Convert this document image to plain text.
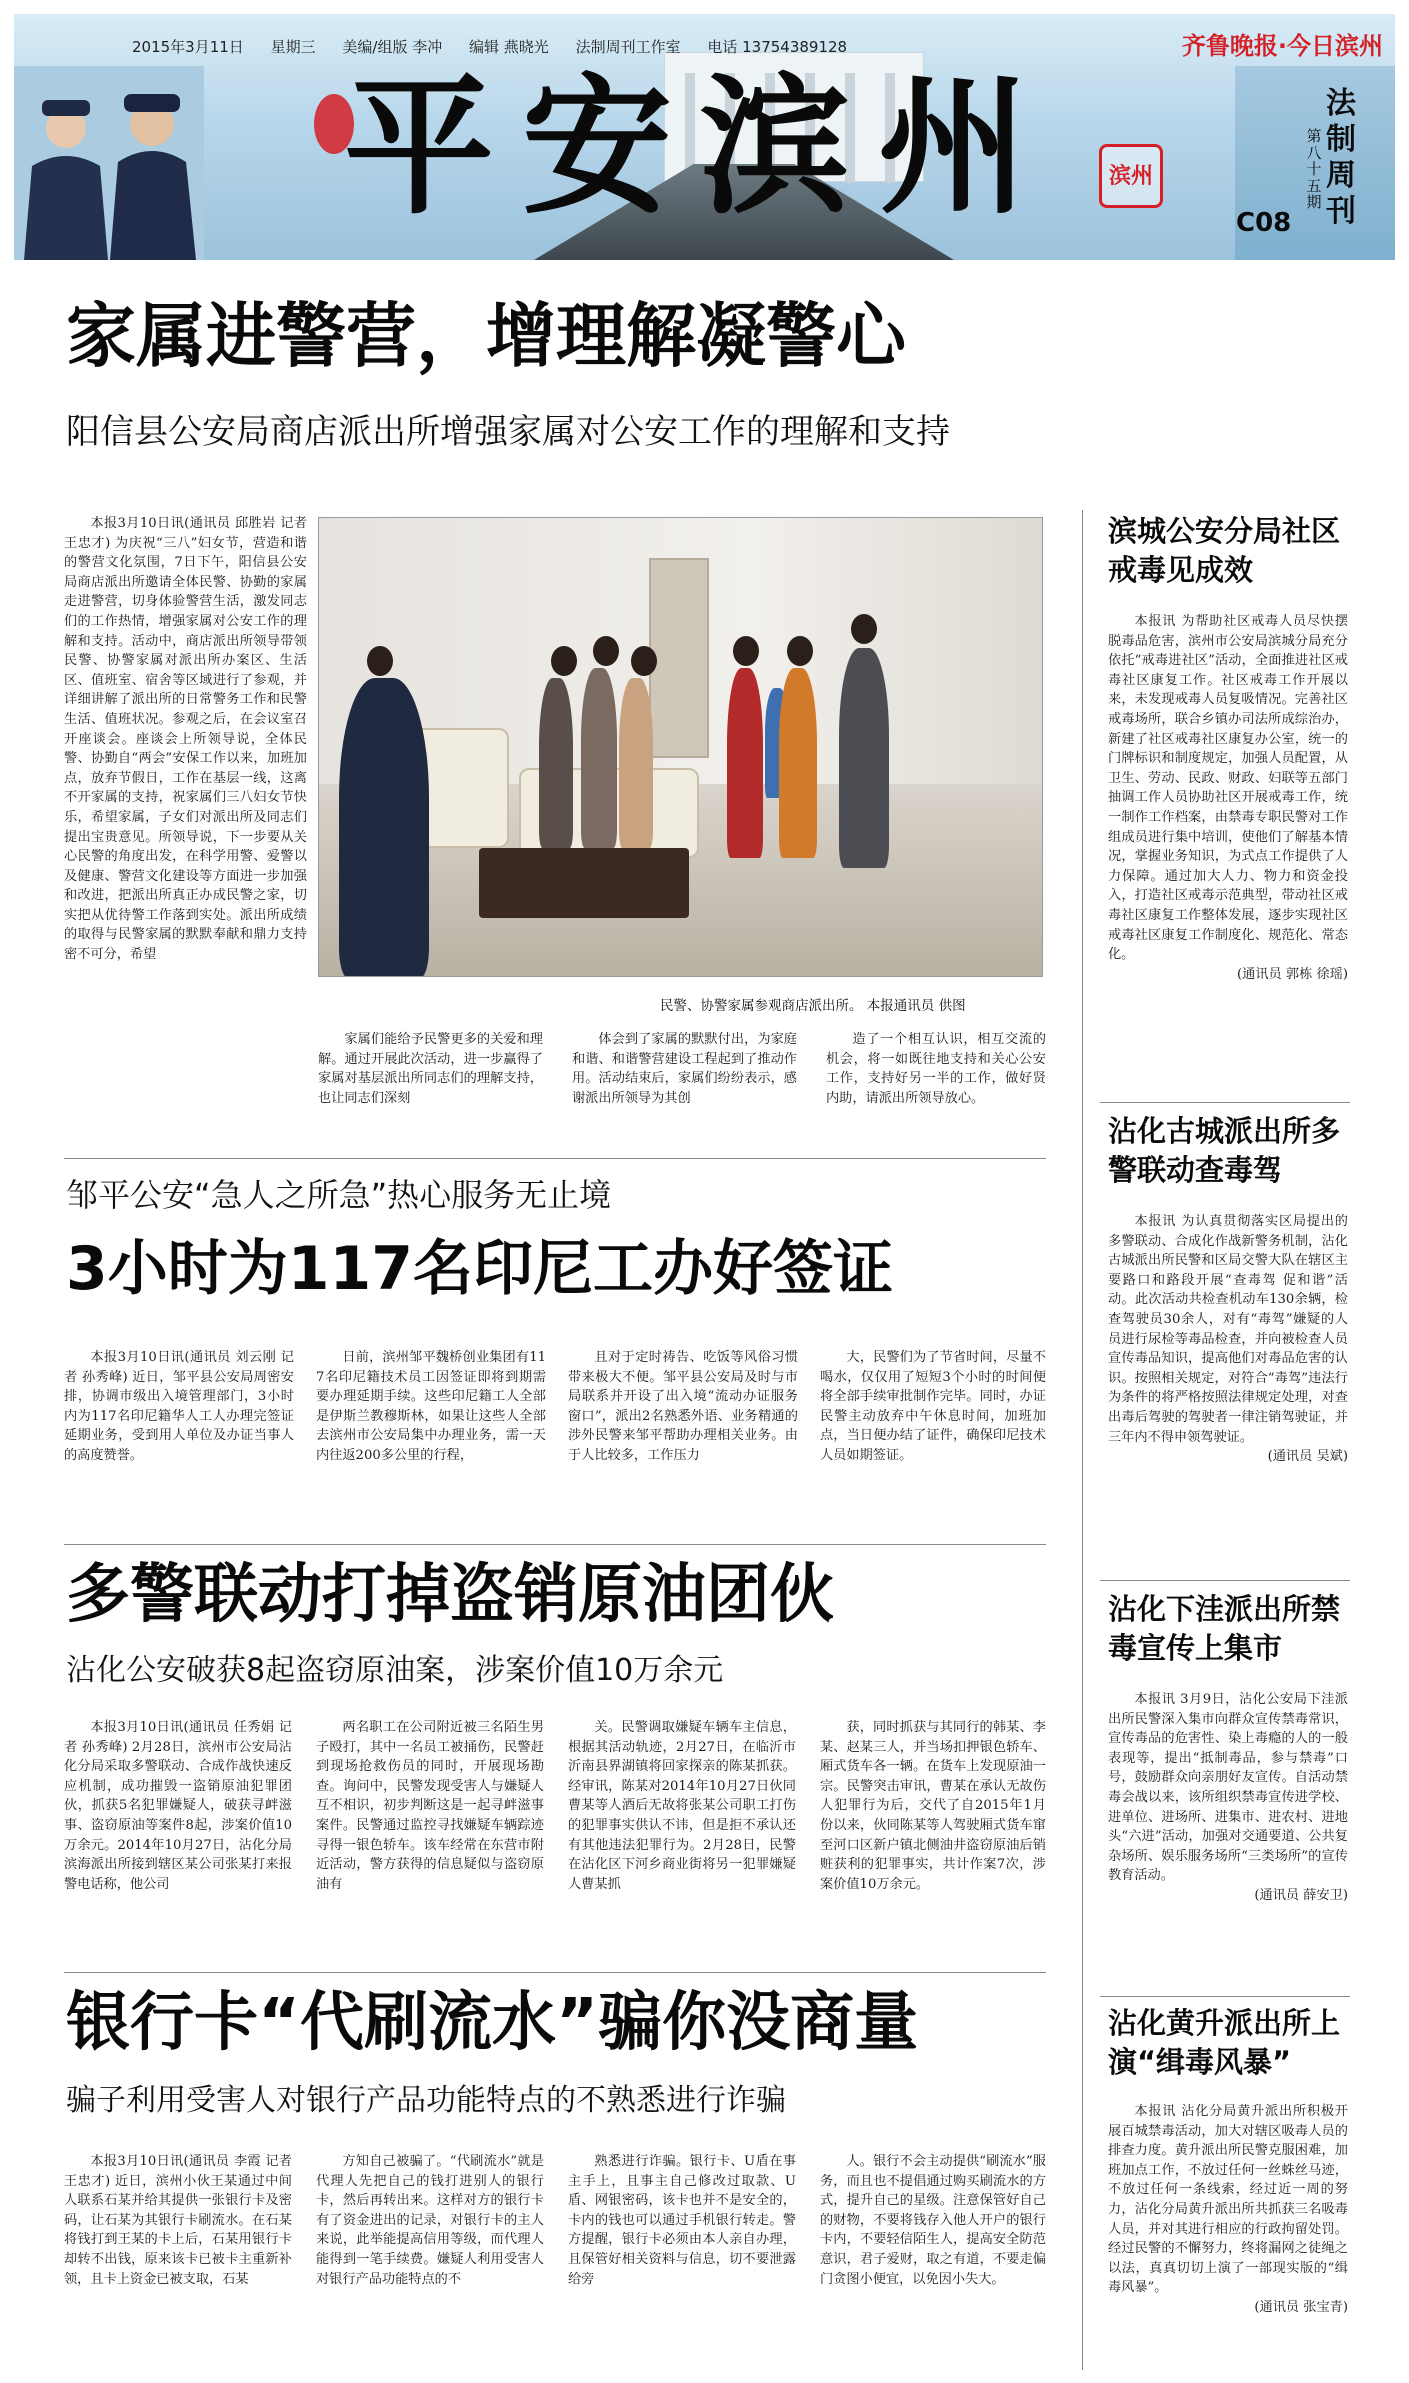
2015年3月11日 星期三 美编/组版 李冲 编辑 燕晓光 法制周刊工作室 电话 13754389128	齐鲁晚报·今日滨州
平安滨州	滨州
第八十五期
法制周刊
C08
家属进警营，增理解凝警心
阳信县公安局商店派出所增强家属对公安工作的理解和支持

本报3月10日讯(通讯员 邱胜岩 记者 王忠才) 为庆祝“三八”妇女节，营造和谐的警营文化氛围，7日下午，阳信县公安局商店派出所邀请全体民警、协勤的家属走进警营，切身体验警营生活，激发同志们的工作热情，增强家属对公安工作的理解和支持。活动中，商店派出所领导带领民警、协警家属对派出所办案区、生活区、值班室、宿舍等区域进行了参观，并详细讲解了派出所的日常警务工作和民警生活、值班状况。参观之后，在会议室召开座谈会。座谈会上所领导说，全体民警、协勤自“两会”安保工作以来，加班加点，放弃节假日，工作在基层一线，这离不开家属的支持，祝家属们三八妇女节快乐，希望家属，子女们对派出所及同志们提出宝贵意见。所领导说，下一步要从关心民警的角度出发，在科学用警、爱警以及健康、警营文化建设等方面进一步加强和改进，把派出所真正办成民警之家，切实把从优待警工作落到实处。派出所成绩的取得与民警家属的默默奉献和鼎力支持密不可分，希望

民警、协警家属参观商店派出所。 本报通讯员 供图

家属们能给予民警更多的关爱和理解。通过开展此次活动，进一步赢得了家属对基层派出所同志们的理解支持，也让同志们深刻

体会到了家属的默默付出，为家庭和谐、和谐警营建设工程起到了推动作用。活动结束后，家属们纷纷表示，感谢派出所领导为其创

造了一个相互认识，相互交流的机会，将一如既往地支持和关心公安工作，支持好另一半的工作，做好贤内助，请派出所领导放心。

邹平公安“急人之所急”热心服务无止境
3小时为117名印尼工办好签证

本报3月10日讯(通讯员 刘云刚 记者 孙秀峰) 近日，邹平县公安局周密安排，协调市级出入境管理部门，3小时内为117名印尼籍华人工人办理完签证延期业务，受到用人单位及办证当事人的高度赞誉。

日前，滨州邹平魏桥创业集团有117名印尼籍技术员工因签证即将到期需要办理延期手续。这些印尼籍工人全部是伊斯兰教穆斯林，如果让这些人全部去滨州市公安局集中办理业务，需一天内往返200多公里的行程，

且对于定时祷告、吃饭等风俗习惯带来极大不便。邹平县公安局及时与市局联系并开设了出入境“流动办证服务窗口”，派出2名熟悉外语、业务精通的涉外民警来邹平帮助办理相关业务。由于人比较多，工作压力

大，民警们为了节省时间，尽量不喝水，仅仅用了短短3个小时的时间便将全部手续审批制作完毕。同时，办证民警主动放弃中午休息时间，加班加点，当日便办结了证件，确保印尼技术人员如期签证。

多警联动打掉盗销原油团伙
沾化公安破获8起盗窃原油案，涉案价值10万余元

本报3月10日讯(通讯员 任秀娟 记者 孙秀峰) 2月28日，滨州市公安局沾化分局采取多警联动、合成作战快速反应机制，成功摧毁一盗销原油犯罪团伙，抓获5名犯罪嫌疑人，破获寻衅滋事、盗窃原油等案件8起，涉案价值10万余元。2014年10月27日，沾化分局滨海派出所接到辖区某公司张某打来报警电话称，他公司

两名职工在公司附近被三名陌生男子殴打，其中一名员工被捅伤，民警赶到现场抢救伤员的同时，开展现场勘查。询问中，民警发现受害人与嫌疑人互不相识，初步判断这是一起寻衅滋事案件。民警通过监控寻找嫌疑车辆踪迹寻得一银色轿车。该车经常在东营市附近活动，警方获得的信息疑似与盗窃原油有

关。民警调取嫌疑车辆车主信息，根据其活动轨迹，2月27日，在临沂市沂南县界湖镇将回家探亲的陈某抓获。经审讯，陈某对2014年10月27日伙同曹某等人酒后无故将张某公司职工打伤的犯罪事实供认不讳，但是拒不承认还有其他违法犯罪行为。2月28日，民警在沾化区下河乡商业街将另一犯罪嫌疑人曹某抓

获，同时抓获与其同行的韩某、李某、赵某三人，并当场扣押银色轿车、厢式货车各一辆。在货车上发现原油一宗。民警突击审讯，曹某在承认无故伤人犯罪行为后，交代了自2015年1月份以来，伙同陈某等人驾驶厢式货车窜至河口区新户镇北侧油井盗窃原油后销赃获利的犯罪事实，共计作案7次，涉案价值10万余元。

银行卡“代刷流水”骗你没商量
骗子利用受害人对银行产品功能特点的不熟悉进行诈骗

本报3月10日讯(通讯员 李霞 记者 王忠才) 近日，滨州小伙王某通过中间人联系石某并给其提供一张银行卡及密码，让石某为其银行卡刷流水。在石某将钱打到王某的卡上后，石某用银行卡却转不出钱，原来该卡已被卡主重新补领，且卡上资金已被支取，石某

方知自己被骗了。“代刷流水”就是代理人先把自己的钱打进别人的银行卡，然后再转出来。这样对方的银行卡有了资金进出的记录，对银行卡的主人来说，此举能提高信用等级，而代理人能得到一笔手续费。嫌疑人利用受害人对银行产品功能特点的不

熟悉进行诈骗。银行卡、U盾在事主手上，且事主自己修改过取款、U盾、网银密码，该卡也并不是安全的，卡内的钱也可以通过手机银行转走。警方提醒，银行卡必须由本人亲自办理，且保管好相关资料与信息，切不要泄露给旁

人。银行不会主动提供“刷流水”服务，而且也不提倡通过购买刷流水的方式，提升自己的星级。注意保管好自己的财物，不要将钱存入他人开户的银行卡内，不要轻信陌生人，提高安全防范意识，君子爱财，取之有道，不要走偏门贪图小便宜，以免因小失大。

滨城公安分局社区戒毒见成效

本报讯 为帮助社区戒毒人员尽快摆脱毒品危害，滨州市公安局滨城分局充分依托“戒毒进社区”活动，全面推进社区戒毒社区康复工作。社区戒毒工作开展以来，未发现戒毒人员复吸情况。完善社区戒毒场所，联合乡镇办司法所成综治办，新建了社区戒毒社区康复办公室，统一的门牌标识和制度规定，加强人员配置，从卫生、劳动、民政、财政、妇联等五部门抽调工作人员协助社区开展戒毒工作，统一制作工作档案，由禁毒专职民警对工作组成员进行集中培训，使他们了解基本情况，掌握业务知识，为式点工作提供了人力保障。通过加大人力、物力和资金投入，打造社区戒毒示范典型，带动社区戒毒社区康复工作整体发展，逐步实现社区戒毒社区康复工作制度化、规范化、常态化。

(通讯员 郭栋 徐瑶)
沾化古城派出所多警联动查毒驾

本报讯 为认真贯彻落实区局提出的多警联动、合成化作战新警务机制，沾化古城派出所民警和区局交警大队在辖区主要路口和路段开展“查毒驾 促和谐”活动。此次活动共检查机动车130余辆，检查驾驶员30余人，对有“毒驾”嫌疑的人员进行尿检等毒品检查，并向被检查人员宣传毒品知识，提高他们对毒品危害的认识。按照相关规定，对符合“毒驾”违法行为条件的将严格按照法律规定处理，对查出毒后驾驶的驾驶者一律注销驾驶证，并三年内不得申领驾驶证。

(通讯员 吴斌)
沾化下洼派出所禁毒宣传上集市

本报讯 3月9日，沾化公安局下洼派出所民警深入集市向群众宣传禁毒常识，宣传毒品的危害性、染上毒瘾的人的一般表现等，提出“抵制毒品，参与禁毒”口号，鼓励群众向亲朋好友宣传。自活动禁毒会战以来，该所组织禁毒宣传进学校、进单位、进场所、进集市、进农村、进地头“六进”活动，加强对交通要道、公共复杂场所、娱乐服务场所“三类场所”的宣传教育活动。

(通讯员 薛安卫)
沾化黄升派出所上演“缉毒风暴”

本报讯 沾化分局黄升派出所积极开展百城禁毒活动，加大对辖区吸毒人员的排查力度。黄升派出所民警克服困难，加班加点工作，不放过任何一丝蛛丝马迹，不放过任何一条线索，经过近一周的努力，沾化分局黄升派出所共抓获三名吸毒人员，并对其进行相应的行政拘留处罚。经过民警的不懈努力，终将漏网之徒绳之以法，真真切切上演了一部现实版的“缉毒风暴”。

(通讯员 张宝青)
